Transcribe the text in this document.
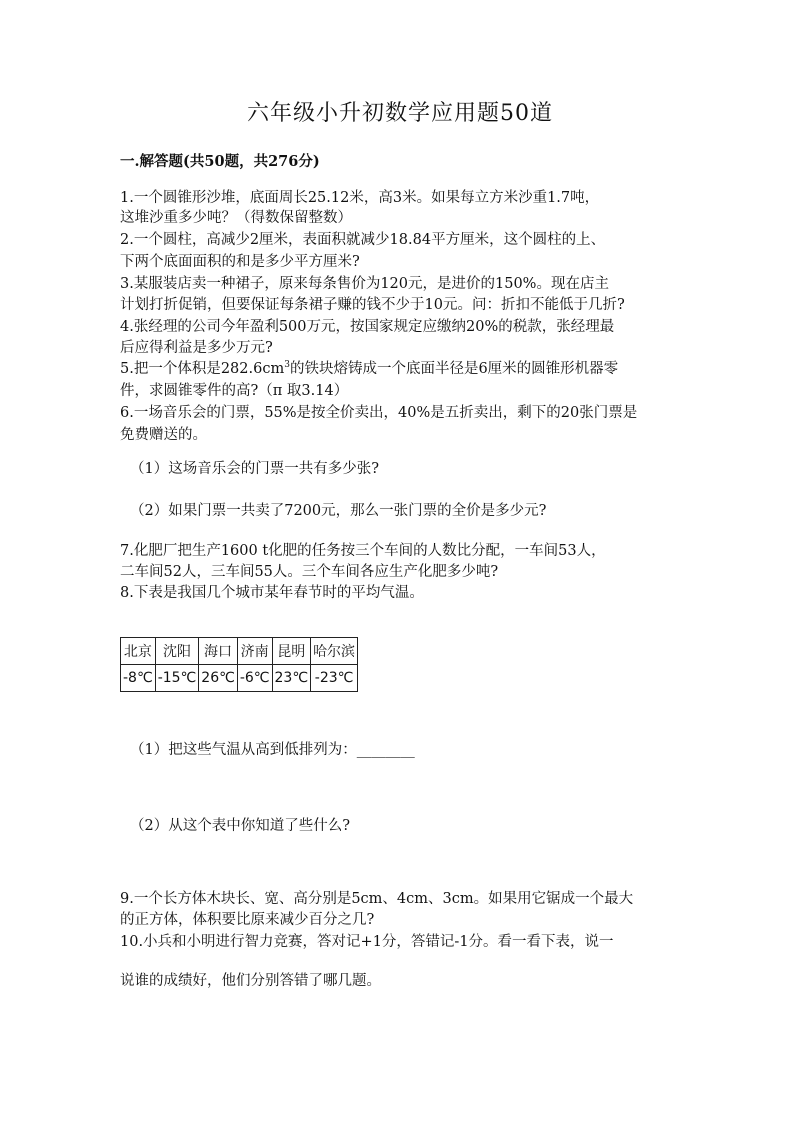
六年级小升初数学应用题50道
一.解答题(共50题，共276分)
1.一个圆锥形沙堆，底面周长25.12米，高3米。如果每立方米沙重1.7吨，
这堆沙重多少吨？（得数保留整数）
2.一个圆柱，高减少2厘米，表面积就减少18.84平方厘米，这个圆柱的上、
下两个底面面积的和是多少平方厘米?
3.某服装店卖一种裙子，原来每条售价为120元，是进价的150%。现在店主
计划打折促销，但要保证每条裙子赚的钱不少于10元。问：折扣不能低于几折?
4.张经理的公司今年盈利500万元，按国家规定应缴纳20%的税款，张经理最
后应得利益是多少万元?
5.把一个体积是$282.6cm^3$的铁块熔铸成一个底面半径是6厘米的圆锥形机器零
件，求圆锥零件的高?（π 取3.14）
6.一场音乐会的门票，55%是按全价卖出，40%是五折卖出，剩下的20张门票是
免费赠送的。
（1）这场音乐会的门票一共有多少张?
（2）如果门票一共卖了7200元，那么一张门票的全价是多少元?
7.化肥厂把生产1600 t化肥的任务按三个车间的人数比分配，一车间53人，
二车间52人，三车间55人。三个车间各应生产化肥多少吨?
8.下表是我国几个城市某年春节时的平均气温。
北京	沈阳	海口	济南	昆明	哈尔滨
-8℃	-15℃	26℃	-6℃	23℃	-23℃
（1）把这些气温从高到低排列为：________
（2）从这个表中你知道了些什么?
9.一个长方体木块长、宽、高分别是5cm、4cm、3cm。如果用它锯成一个最大
的正方体，体积要比原来减少百分之几?
10.小兵和小明进行智力竞赛，答对记+1分，答错记-1分。看一看下表，说一
说谁的成绩好，他们分别答错了哪几题。
